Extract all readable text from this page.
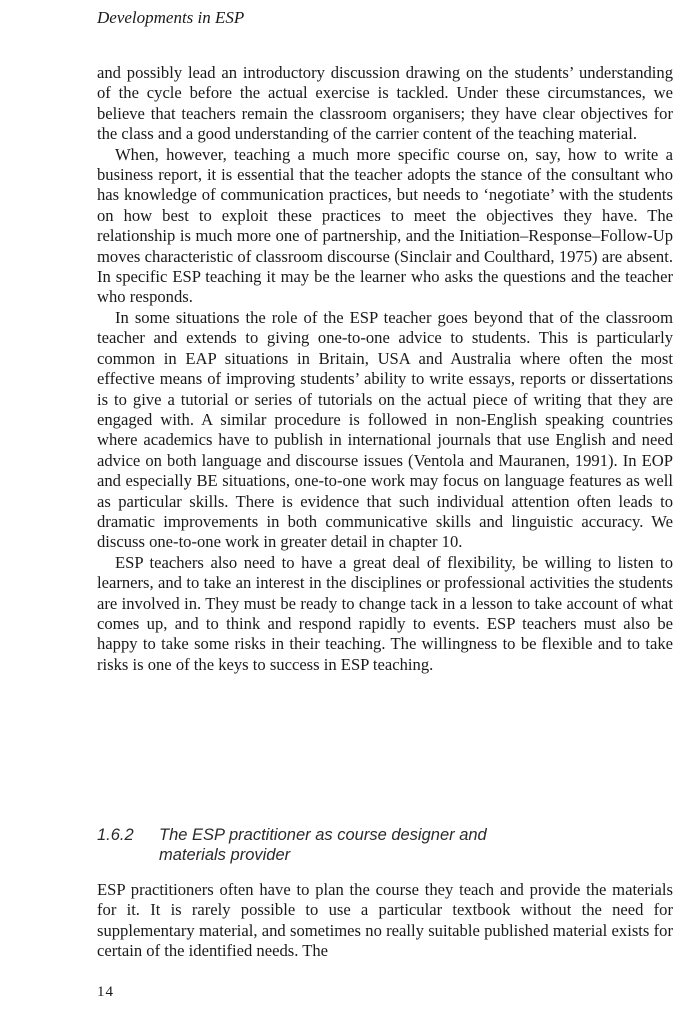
Developments in ESP

and possibly lead an introductory discussion drawing on the students’ understanding of the cycle before the actual exercise is tackled. Under these circumstances, we believe that teachers remain the classroom organisers; they have clear objectives for the class and a good understanding of the carrier content of the teaching material.

When, however, teaching a much more specific course on, say, how to write a business report, it is essential that the teacher adopts the stance of the consultant who has knowledge of communication practices, but needs to ‘negotiate’ with the students on how best to exploit these practices to meet the objectives they have. The relationship is much more one of partnership, and the Initiation–Response–Follow-Up moves characteristic of classroom discourse (Sinclair and Coulthard, 1975) are absent. In specific ESP teaching it may be the learner who asks the questions and the teacher who responds.

In some situations the role of the ESP teacher goes beyond that of the classroom teacher and extends to giving one-to-one advice to students. This is particularly common in EAP situations in Britain, USA and Australia where often the most effective means of improving students’ ability to write essays, reports or dissertations is to give a tutorial or series of tutorials on the actual piece of writing that they are engaged with. A similar procedure is followed in non-English speaking countries where academics have to publish in international journals that use English and need advice on both language and discourse issues (Ventola and Mauranen, 1991). In EOP and especially BE situations, one-to-one work may focus on language features as well as particular skills. There is evidence that such individual attention often leads to dramatic improvements in both communicative skills and linguistic accuracy. We discuss one-to-one work in greater detail in chapter 10.

ESP teachers also need to have a great deal of flexibility, be willing to listen to learners, and to take an interest in the disciplines or professional activities the students are involved in. They must be ready to change tack in a lesson to take account of what comes up, and to think and respond rapidly to events. ESP teachers must also be happy to take some risks in their teaching. The willingness to be flexible and to take risks is one of the keys to success in ESP teaching.

1.6.2 The ESP practitioner as course designer and
materials provider

ESP practitioners often have to plan the course they teach and provide the materials for it. It is rarely possible to use a particular textbook without the need for supplementary material, and sometimes no really suitable published material exists for certain of the identified needs. The

14
